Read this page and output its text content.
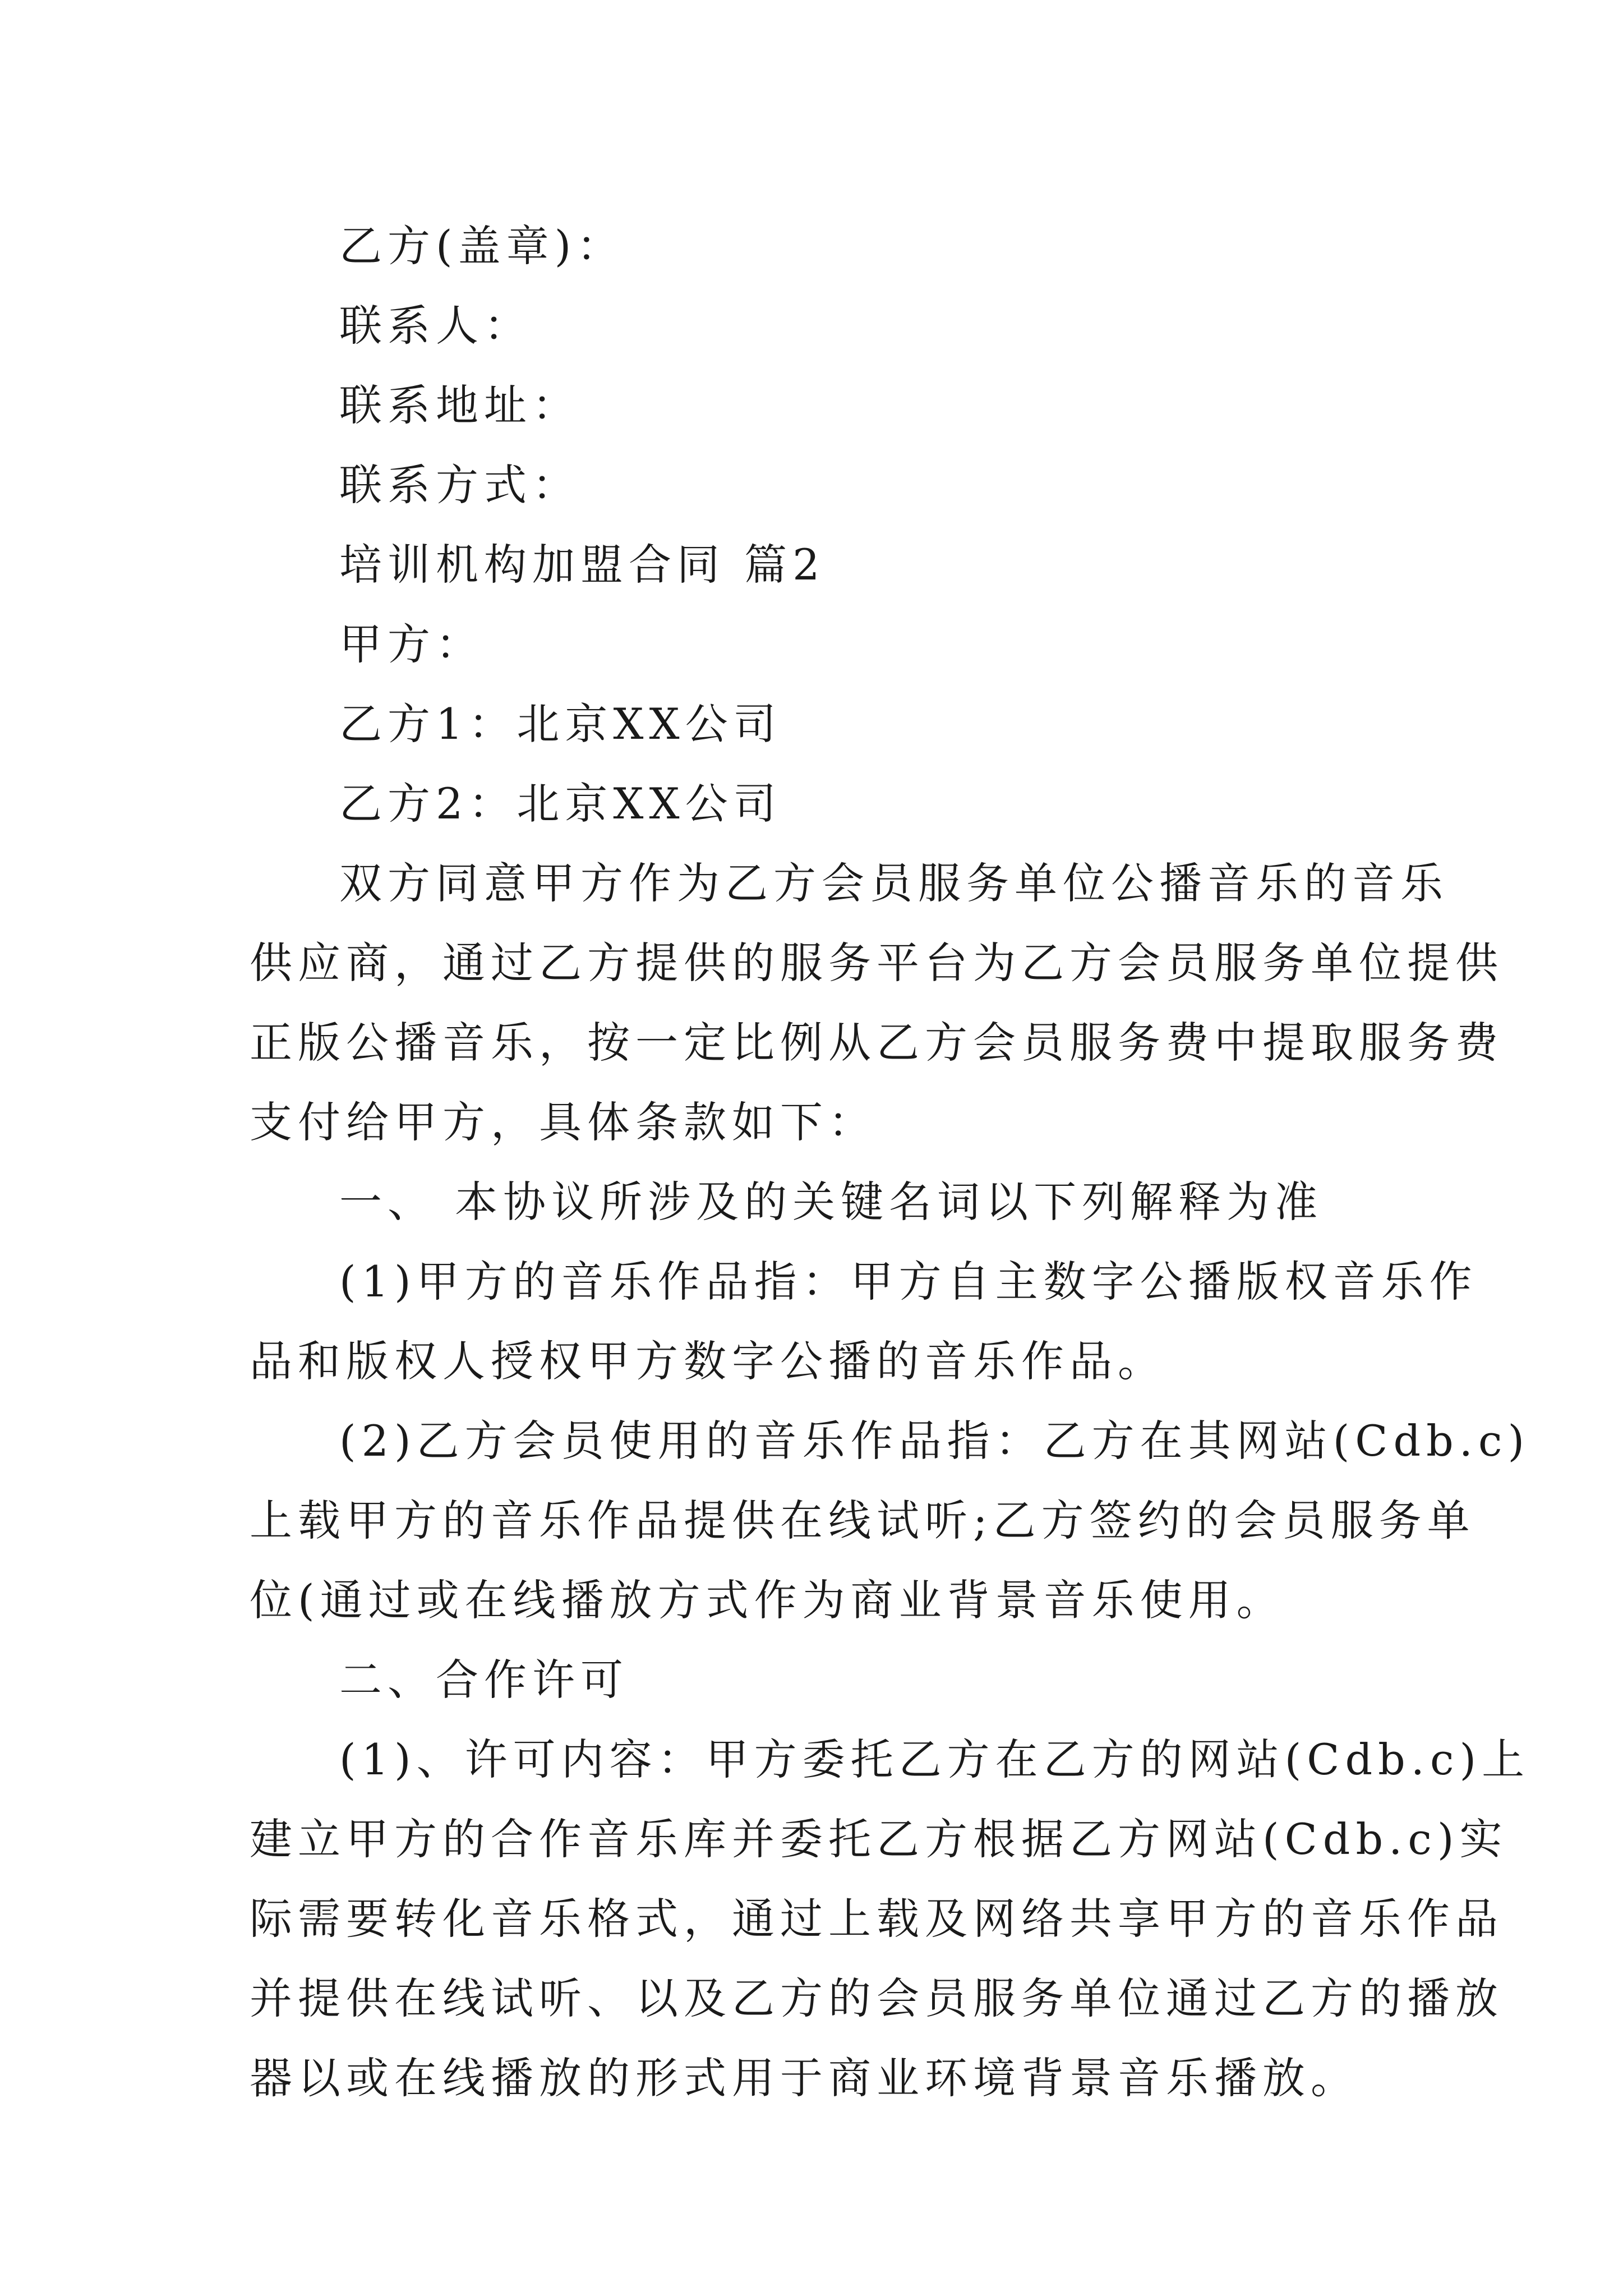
乙方(盖章)：
联系人：
联系地址：
联系方式：
培训机构加盟合同 篇2
甲方：
乙方1：北京XX公司
乙方2：北京XX公司
双方同意甲方作为乙方会员服务单位公播音乐的音乐
供应商，通过乙方提供的服务平台为乙方会员服务单位提供
正版公播音乐，按一定比例从乙方会员服务费中提取服务费
支付给甲方，具体条款如下：
一、 本协议所涉及的关键名词以下列解释为准
(1)甲方的音乐作品指：甲方自主数字公播版权音乐作
品和版权人授权甲方数字公播的音乐作品。
(2)乙方会员使用的音乐作品指：乙方在其网站(Cdb.c)
上载甲方的音乐作品提供在线试听;乙方签约的会员服务单
位(通过或在线播放方式作为商业背景音乐使用。
二、合作许可
(1)、许可内容：甲方委托乙方在乙方的网站(Cdb.c)上
建立甲方的合作音乐库并委托乙方根据乙方网站(Cdb.c)实
际需要转化音乐格式，通过上载及网络共享甲方的音乐作品
并提供在线试听、以及乙方的会员服务单位通过乙方的播放
器以或在线播放的形式用于商业环境背景音乐播放。
